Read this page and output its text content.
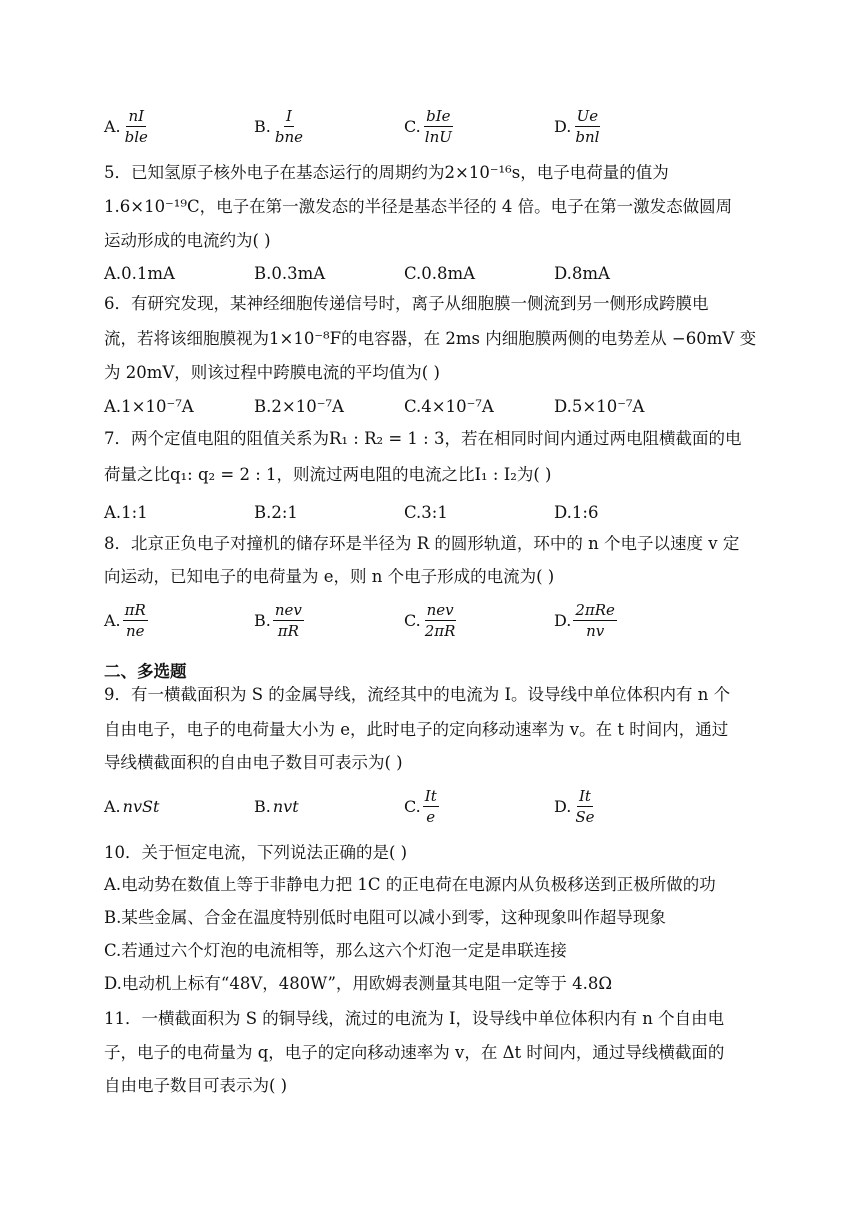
A. $\frac{nI}{\text{ble}}$	B. $\frac{I}{\text{bne}}$	C. $\frac{\text{bIe}}{\ln U}$	D. $\frac{Ue}{\text{bnl}}$
5．已知氢原子核外电子在基态运行的周期约为2×10⁻¹⁶s，电子电荷量的值为
1.6×10⁻¹⁹C，电子在第一激发态的半径是基态半径的 4 倍。电子在第一激发态做圆周
运动形成的电流约为( )
A.0.1mA	B.0.3mA	C.0.8mA	D.8mA
6．有研究发现，某神经细胞传递信号时，离子从细胞膜一侧流到另一侧形成跨膜电
流，若将该细胞膜视为1×10⁻⁸F的电容器，在 2ms 内细胞膜两侧的电势差从 −60mV 变
为 20mV，则该过程中跨膜电流的平均值为( )
A.1×10⁻⁷A	B.2×10⁻⁷A	C.4×10⁻⁷A	D.5×10⁻⁷A
7．两个定值电阻的阻值关系为R₁ : R₂ = 1 : 3，若在相同时间内通过两电阻横截面的电
荷量之比q₁: q₂ = 2 : 1，则流过两电阻的电流之比I₁ : I₂为( )
A.1:1	B.2:1	C.3:1	D.1:6
8．北京正负电子对撞机的储存环是半径为 R 的圆形轨道，环中的 n 个电子以速度 v 定
向运动，已知电子的电荷量为 e，则 n 个电子形成的电流为( )
A. $\frac{\pi R}{ne}$	B. $\frac{\text{nev}}{\pi R}$	C. $\frac{\text{nev}}{2\pi R}$	D. $\frac{\text{2πRe}}{nv}$
二、多选题
9．有一横截面积为 S 的金属导线，流经其中的电流为 I。设导线中单位体积内有 n 个
自由电子，电子的电荷量大小为 e，此时电子的定向移动速率为 v。在 t 时间内，通过
导线横截面积的自由电子数目可表示为( )
A. nvSt	B. nvt	C. $\frac{It}{e}$	D. $\frac{It}{Se}$
10．关于恒定电流，下列说法正确的是( )
A.电动势在数值上等于非静电力把 1C 的正电荷在电源内从负极移送到正极所做的功
B.某些金属、合金在温度特别低时电阻可以减小到零，这种现象叫作超导现象
C.若通过六个灯泡的电流相等，那么这六个灯泡一定是串联连接
D.电动机上标有“48V，480W”，用欧姆表测量其电阻一定等于 4.8Ω
11．一横截面积为 S 的铜导线，流过的电流为 I，设导线中单位体积内有 n 个自由电
子，电子的电荷量为 q，电子的定向移动速率为 v，在 Δt 时间内，通过导线横截面的
自由电子数目可表示为( )
